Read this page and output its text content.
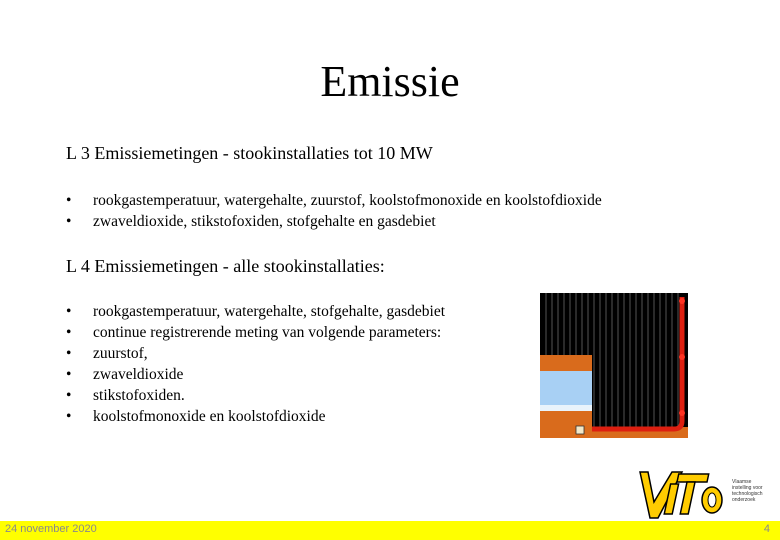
Emissie
L 3 Emissiemetingen - stookinstallaties tot 10 MW
• rookgastemperatuur, watergehalte, zuurstof, koolstofmonoxide en koolstofdioxide
• zwaveldioxide, stikstofoxiden, stofgehalte en gasdebiet
L 4 Emissiemetingen - alle stookinstallaties:
• rookgastemperatuur, watergehalte, stofgehalte, gasdebiet
• continue registrerende meting van volgende parameters:
• zuurstof,
• zwaveldioxide
• stikstofoxiden.
• koolstofmonoxide en koolstofdioxide
Vlaamse
instelling voor
technologisch
onderzoek
24 november 2020	4
